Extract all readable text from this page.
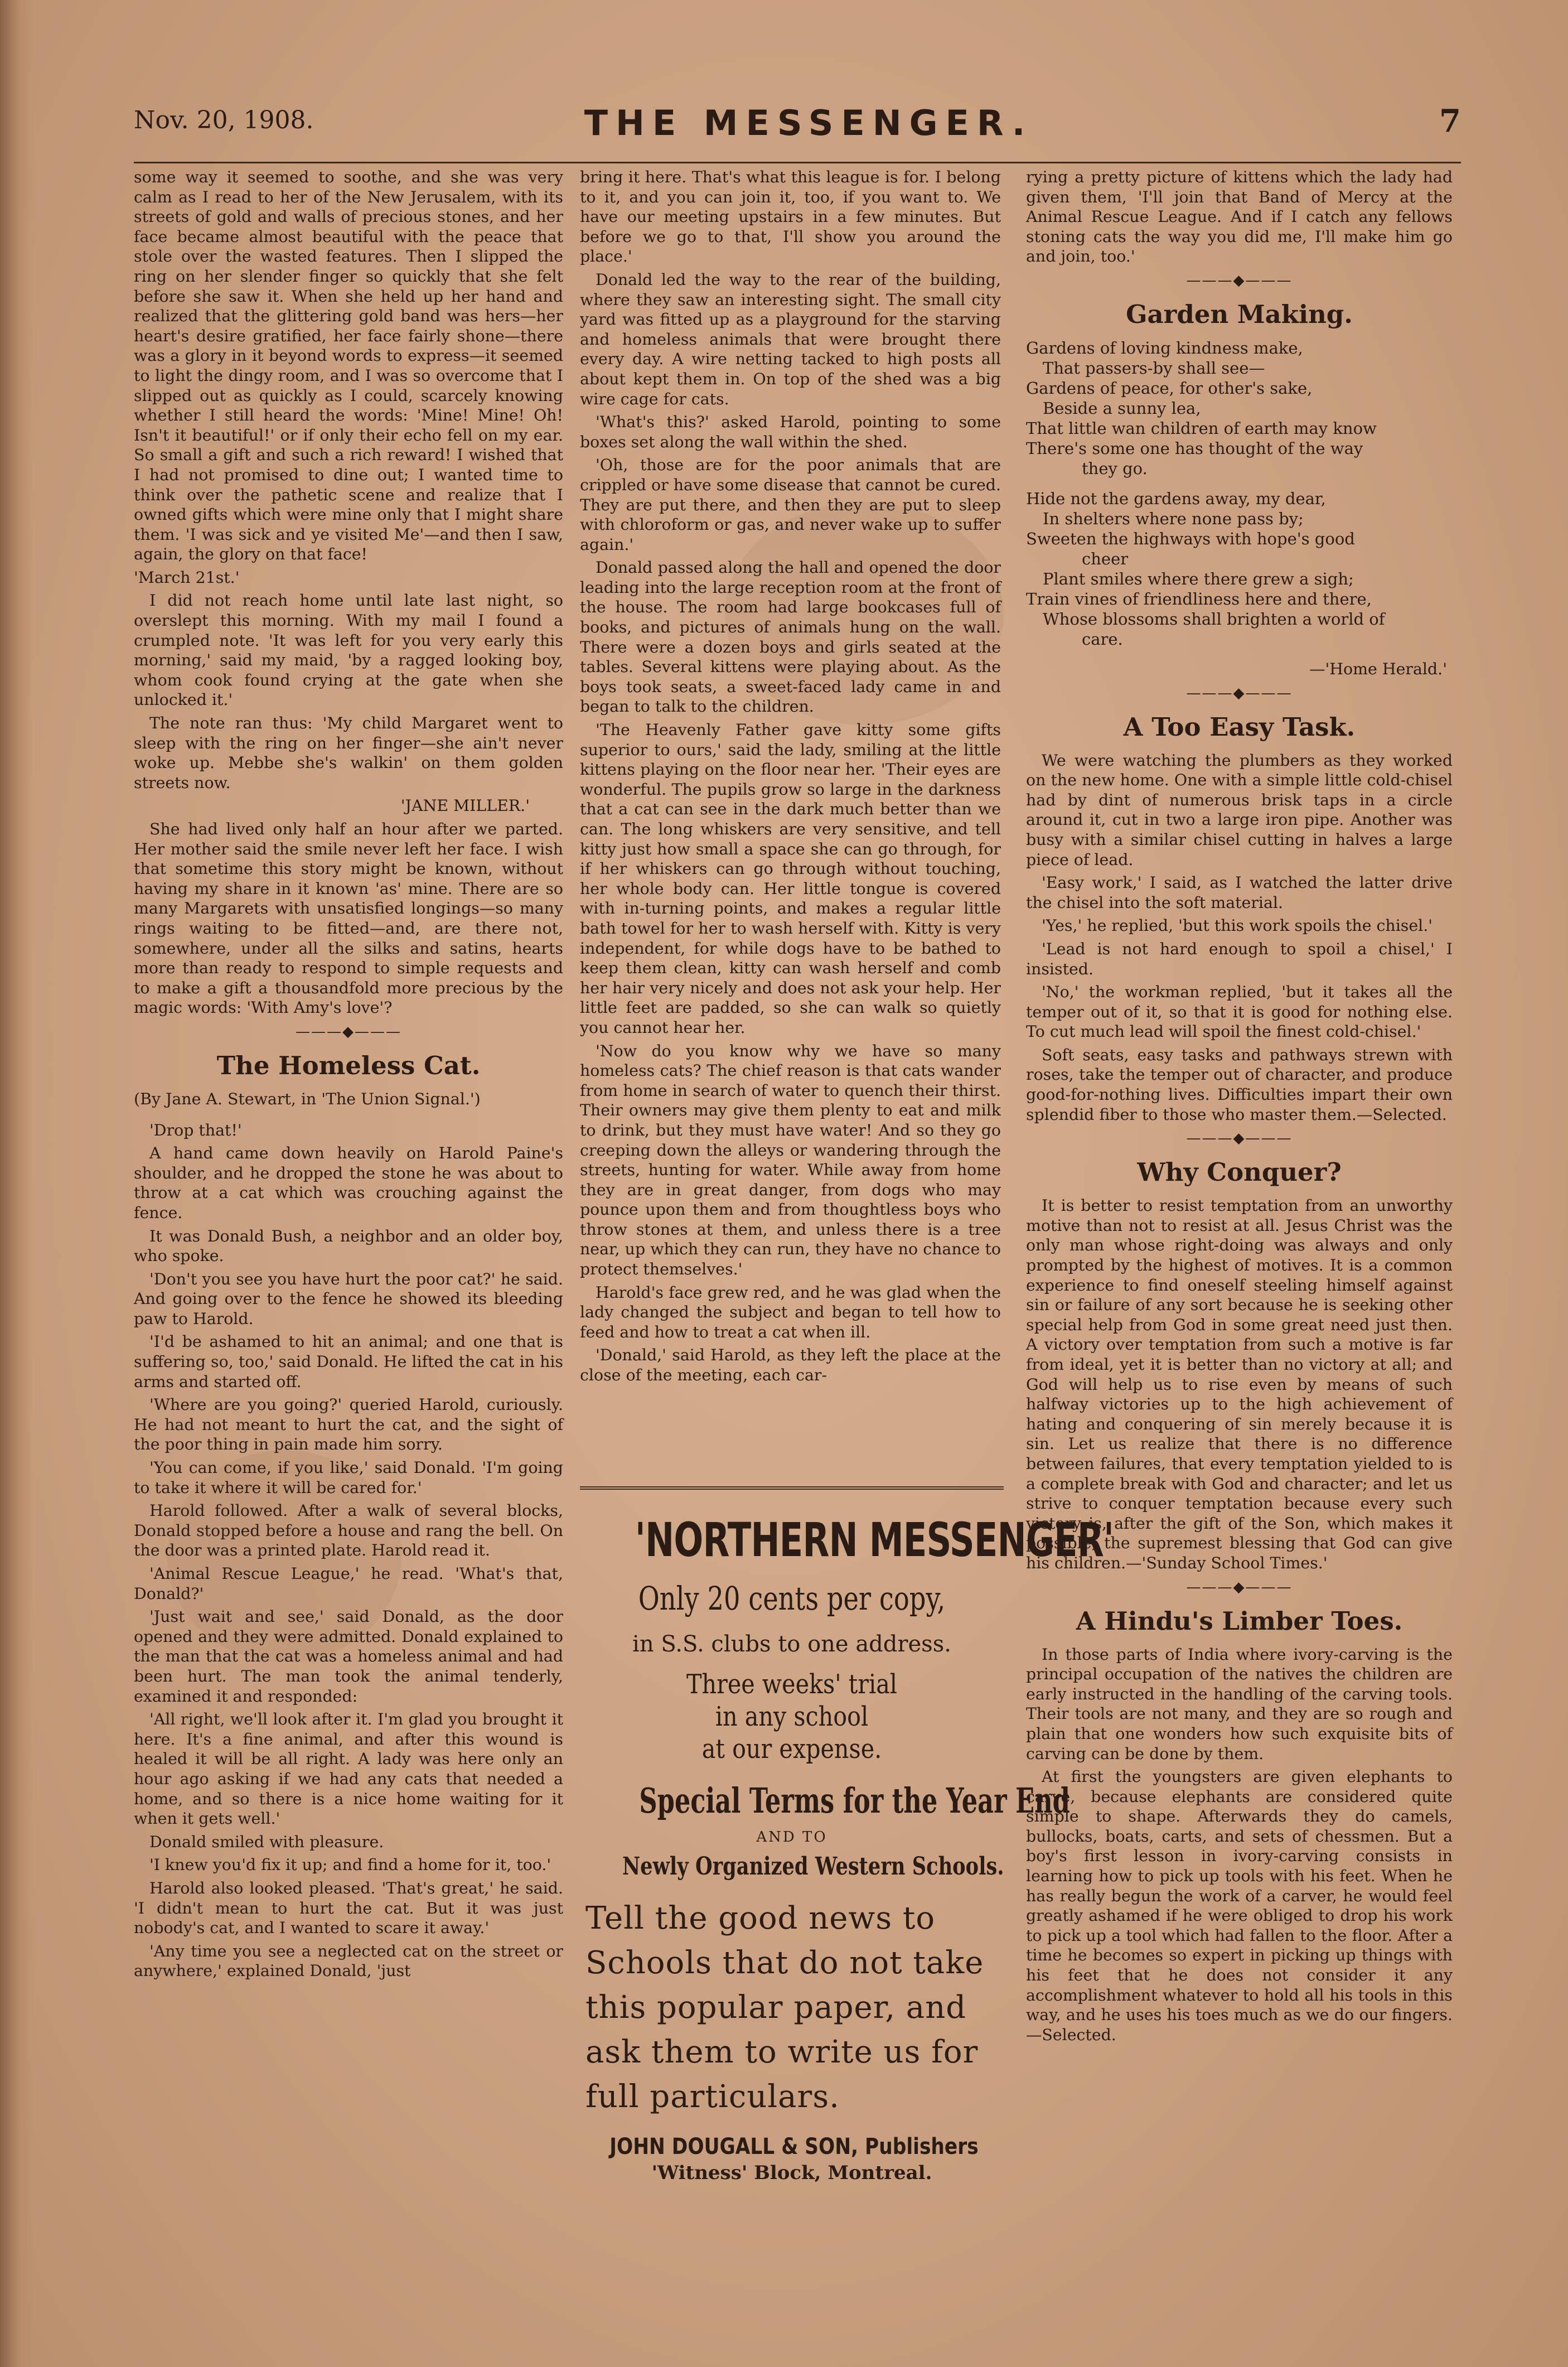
Nov. 20, 1908.	THE MESSENGER.	7

some way it seemed to soothe, and she was very calm as I read to her of the New Jerusalem, with its streets of gold and walls of precious stones, and her face became almost beautiful with the peace that stole over the wasted features. Then I slipped the ring on her slender finger so quickly that she felt before she saw it. When she held up her hand and realized that the glittering gold band was hers—her heart's desire gratified, her face fairly shone—there was a glory in it beyond words to express—it seemed to light the dingy room, and I was so overcome that I slipped out as quickly as I could, scarcely knowing whether I still heard the words: 'Mine! Mine! Oh! Isn't it beautiful!' or if only their echo fell on my ear. So small a gift and such a rich reward! I wished that I had not promised to dine out; I wanted time to think over the pathetic scene and realize that I owned gifts which were mine only that I might share them. 'I was sick and ye visited Me'—and then I saw, again, the glory on that face!

'March 21st.'

I did not reach home until late last night, so overslept this morning. With my mail I found a crumpled note. 'It was left for you very early this morning,' said my maid, 'by a ragged looking boy, whom cook found crying at the gate when she unlocked it.'

The note ran thus: 'My child Margaret went to sleep with the ring on her finger—she ain't never woke up. Mebbe she's walkin' on them golden streets now.

'JANE MILLER.'

She had lived only half an hour after we parted. Her mother said the smile never left her face. I wish that sometime this story might be known, without having my share in it known 'as' mine. There are so many Margarets with unsatisfied longings—so many rings waiting to be fitted—and, are there not, somewhere, under all the silks and satins, hearts more than ready to respond to simple requests and to make a gift a thousandfold more precious by the magic words: 'With Amy's love'?

———◆———
The Homeless Cat.

(By Jane A. Stewart, in 'The Union Signal.')

'Drop that!'

A hand came down heavily on Harold Paine's shoulder, and he dropped the stone he was about to throw at a cat which was crouching against the fence.

It was Donald Bush, a neighbor and an older boy, who spoke.

'Don't you see you have hurt the poor cat?' he said. And going over to the fence he showed its bleeding paw to Harold.

'I'd be ashamed to hit an animal; and one that is suffering so, too,' said Donald. He lifted the cat in his arms and started off.

'Where are you going?' queried Harold, curiously. He had not meant to hurt the cat, and the sight of the poor thing in pain made him sorry.

'You can come, if you like,' said Donald. 'I'm going to take it where it will be cared for.'

Harold followed. After a walk of several blocks, Donald stopped before a house and rang the bell. On the door was a printed plate. Harold read it.

'Animal Rescue League,' he read. 'What's that, Donald?'

'Just wait and see,' said Donald, as the door opened and they were admitted. Donald explained to the man that the cat was a homeless animal and had been hurt. The man took the animal tenderly, examined it and responded:

'All right, we'll look after it. I'm glad you brought it here. It's a fine animal, and after this wound is healed it will be all right. A lady was here only an hour ago asking if we had any cats that needed a home, and so there is a nice home waiting for it when it gets well.'

Donald smiled with pleasure.

'I knew you'd fix it up; and find a home for it, too.'

Harold also looked pleased. 'That's great,' he said. 'I didn't mean to hurt the cat. But it was just nobody's cat, and I wanted to scare it away.'

'Any time you see a neglected cat on the street or anywhere,' explained Donald, 'just

bring it here. That's what this league is for. I belong to it, and you can join it, too, if you want to. We have our meeting upstairs in a few minutes. But before we go to that, I'll show you around the place.'

Donald led the way to the rear of the building, where they saw an interesting sight. The small city yard was fitted up as a playground for the starving and homeless animals that were brought there every day. A wire netting tacked to high posts all about kept them in. On top of the shed was a big wire cage for cats.

'What's this?' asked Harold, pointing to some boxes set along the wall within the shed.

'Oh, those are for the poor animals that are crippled or have some disease that cannot be cured. They are put there, and then they are put to sleep with chloroform or gas, and never wake up to suffer again.'

Donald passed along the hall and opened the door leading into the large reception room at the front of the house. The room had large bookcases full of books, and pictures of animals hung on the wall. There were a dozen boys and girls seated at the tables. Several kittens were playing about. As the boys took seats, a sweet-faced lady came in and began to talk to the children.

'The Heavenly Father gave kitty some gifts superior to ours,' said the lady, smiling at the little kittens playing on the floor near her. 'Their eyes are wonderful. The pupils grow so large in the darkness that a cat can see in the dark much better than we can. The long whiskers are very sensitive, and tell kitty just how small a space she can go through, for if her whiskers can go through without touching, her whole body can. Her little tongue is covered with in-turning points, and makes a regular little bath towel for her to wash herself with. Kitty is very independent, for while dogs have to be bathed to keep them clean, kitty can wash herself and comb her hair very nicely and does not ask your help. Her little feet are padded, so she can walk so quietly you cannot hear her.

'Now do you know why we have so many homeless cats? The chief reason is that cats wander from home in search of water to quench their thirst. Their owners may give them plenty to eat and milk to drink, but they must have water! And so they go creeping down the alleys or wandering through the streets, hunting for water. While away from home they are in great danger, from dogs who may pounce upon them and from thoughtless boys who throw stones at them, and unless there is a tree near, up which they can run, they have no chance to protect themselves.'

Harold's face grew red, and he was glad when the lady changed the subject and began to tell how to feed and how to treat a cat when ill.

'Donald,' said Harold, as they left the place at the close of the meeting, each car-

'NORTHERN MESSENGER'
Only 20 cents per copy,
in S.S. clubs to one address.
Three weeks' trial
in any school
at our expense.
Special Terms for the Year End
AND TO
Newly Organized Western Schools.
Tell the good news to Schools that do not take this popular paper, and ask them to write us for full particulars.
JOHN DOUGALL & SON, Publishers
'Witness' Block, Montreal.

rying a pretty picture of kittens which the lady had given them, 'I'll join that Band of Mercy at the Animal Rescue League. And if I catch any fellows stoning cats the way you did me, I'll make him go and join, too.'

———◆———
Garden Making.
Gardens of loving kindness make,
That passers-by shall see—
Gardens of peace, for other's sake,
Beside a sunny lea,
That little wan children of earth may know
There's some one has thought of the way
they go.
Hide not the gardens away, my dear,
In shelters where none pass by;
Sweeten the highways with hope's good
cheer
Plant smiles where there grew a sigh;
Train vines of friendliness here and there,
Whose blossoms shall brighten a world of
care.

—'Home Herald.'

———◆———
A Too Easy Task.

We were watching the plumbers as they worked on the new home. One with a simple little cold-chisel had by dint of numerous brisk taps in a circle around it, cut in two a large iron pipe. Another was busy with a similar chisel cutting in halves a large piece of lead.

'Easy work,' I said, as I watched the latter drive the chisel into the soft material.

'Yes,' he replied, 'but this work spoils the chisel.'

'Lead is not hard enough to spoil a chisel,' I insisted.

'No,' the workman replied, 'but it takes all the temper out of it, so that it is good for nothing else. To cut much lead will spoil the finest cold-chisel.'

Soft seats, easy tasks and pathways strewn with roses, take the temper out of character, and produce good-for-nothing lives. Difficulties impart their own splendid fiber to those who master them.—Selected.

———◆———
Why Conquer?

It is better to resist temptation from an unworthy motive than not to resist at all. Jesus Christ was the only man whose right-doing was always and only prompted by the highest of motives. It is a common experience to find oneself steeling himself against sin or failure of any sort because he is seeking other special help from God in some great need just then. A victory over temptation from such a motive is far from ideal, yet it is better than no victory at all; and God will help us to rise even by means of such halfway victories up to the high achievement of hating and conquering of sin merely because it is sin. Let us realize that there is no difference between failures, that every temptation yielded to is a complete break with God and character; and let us strive to conquer temptation because every such victory is, after the gift of the Son, which makes it possible, the supremest blessing that God can give his children.—'Sunday School Times.'

———◆———
A Hindu's Limber Toes.

In those parts of India where ivory-carving is the principal occupation of the natives the children are early instructed in the handling of the carving tools. Their tools are not many, and they are so rough and plain that one wonders how such exquisite bits of carving can be done by them.

At first the youngsters are given elephants to carve, because elephants are considered quite simple to shape. Afterwards they do camels, bullocks, boats, carts, and sets of chessmen. But a boy's first lesson in ivory-carving consists in learning how to pick up tools with his feet. When he has really begun the work of a carver, he would feel greatly ashamed if he were obliged to drop his work to pick up a tool which had fallen to the floor. After a time he becomes so expert in picking up things with his feet that he does not consider it any accomplishment whatever to hold all his tools in this way, and he uses his toes much as we do our fingers.—Selected.
